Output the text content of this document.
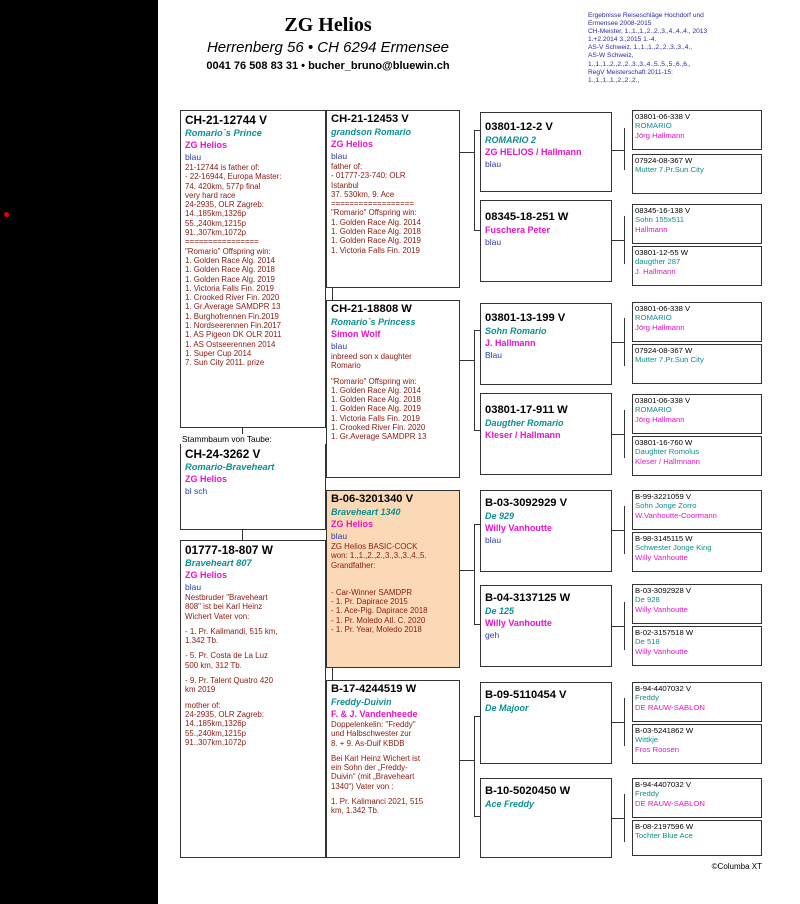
ZG Helios
Herrenberg 56 • CH 6294 Ermensee
0041 76 508 83 31 • bucher_bruno@bluewin.ch
Ergebnisse Reiseschläge Hochdorf und
Ermensee 2008-2015
CH-Meister, 1.,1.,1.,2.,2.,3.,4.,4.,4., 2013
1.+2.2014 3.,2015 1.-4.
AS-V Schweiz, 1.,1.,1.,2.,2.,3.,3.,4.,
AS-W Schweiz,
1.,1.,1.,2.,2.,2.,3.,3.,4.,5.,5.,5.,6.,6.,
RegV Meisterschaft 2011-15:
1.,1.,1.,1.,2.,2.,2.,
CH-21-12744 V
Romario`s Prince
ZG Helios
blau
21-12744 is father of:
- 22-16944, Europa Master:
74. 420km, 577p final
very hard race
24-2935, OLR Zagreb:
14.,185km,1326p
55.,240km,1215p
91.,307km,1072p
================
"Romario" Offspring win:
1. Golden Race Alg. 2014
1. Golden Race Alg. 2018
1. Golden Race Alg. 2019
1. Victoria Falls Fin. 2019
1. Crooked River Fin. 2020
1. Gr.Average SAMDPR 13
1. Burghofrennen Fin.2019
1. Nordseerennen Fin.2017
1. AS Pigeon DK OLR 2011
1. AS Ostseerennen 2014
1. Super Cup 2014
7. Sun City 2011. prize
CH-24-3262 V
Romario-Braveheart
ZG Helios
bl sch
Stammbaum von Taube:
01777-18-807 W
Braveheart 807
ZG Helios
blau
Nestbruder "Braveheart
808" ist bei Karl Heinz
Wichert Vater von:
- 1. Pr. Kalimandi, 515 km,
1.342 Tb.
- 5. Pr. Costa de La Luz
500 km, 312 Tb.
- 9. Pr. Talent Quatro 420
km 2019
mother of:
24-2935, OLR Zagreb:
14.,185km,1326p
55.,240km,1215p
91.,307km,1072p
CH-21-12453 V
grandson Romario
ZG Helios
blau
father of:
- 01777-23-740: OLR
Istanbul
37. 530km, 9. Ace
==================
"Romario" Offspring win:
1. Golden Race Alg. 2014
1. Golden Race Alg. 2018
1. Golden Race Alg. 2019
1. Victoria Falls Fin. 2019
CH-21-18808 W
Romario`s Princess
Simon Wolf
blau
inbreed son x daughter
Romario
"Romario" Offspring win:
1. Golden Race Alg. 2014
1. Golden Race Alg. 2018
1. Golden Race Alg. 2019
1. Victoria Falls Fin. 2019
1. Crooked River Fin. 2020
1. Gr.Average SAMDPR 13
B-06-3201340 V
Braveheart 1340
ZG Helios
blau
ZG Helios BASIC-COCK
won: 1.,1.,2.,2.,3.,3.,3.,4.,5.
Grandfather:
- Car-Winner SAMDPR
- 1. Pr. Dapirace 2015
- 1. Ace-Pig. Dapirace 2018
- 1. Pr. Moledo Atl. C. 2020
- 1. Pr. Year, Moledo 2018
B-17-4244519 W
Freddy-Duivin
F. & J. Vandenheede
Doppelenkelin: "Freddy"
und Halbschwester zur
8. + 9. As-Duif KBDB
Bei Karl Heinz Wichert ist
ein Sohn der „Freddy-
Duivin“ (mit „Braveheart
1340“) Vater von :
1. Pr. Kalimanci 2021, 515
km, 1.342 Tb.
03801-12-2 V
ROMARIO 2
ZG HELIOS / Hallmann
blau
08345-18-251 W
Fuschera Peter
blau
03801-13-199 V
Sohn Romario
J. Hallmann
Blau
03801-17-911 W
Daugther Romario
Kleser / Hallmann
B-03-3092929 V
De 929
Willy Vanhoutte
blau
B-04-3137125 W
De 125
Willy Vanhoutte
geh
B-09-5110454 V
De Majoor
B-10-5020450 W
Ace Freddy
03801-06-338 V
ROMARIO
Jörg Hallmann
07924-08-367 W
Mutter 7.Pr.Sun City
08345-16-138 V
Sohn 155x511
Hallmann
03801-12-55 W
daugther 287
J. Hallmann
03801-06-338 V
ROMARIO
Jörg Hallmann
07924-08-367 W
Mutter 7.Pr.Sun City
03801-06-338 V
ROMARIO
Jörg Hallmann
03801-16-760 W
Daughter Romolus
Kleser / Hallmnann
B-99-3221059 V
Sohn Jonge Zorro
W.Vanhoutte-Coormann
B-98-3145115 W
Schwester Jonge King
Willy Vanhoutte
B-03-3092928 V
De 928
Willy Vanhoutte
B-02-3157518 W
De 518
Willy Vanhoutte
B-94-4407032 V
Freddy
DE RAUW-SABLON
B-03-5241862 W
Wittkje
Fros Roosen
B-94-4407032 V
Freddy
DE RAUW-SABLON
B-08-2197596 W
Tochter Blue Ace
©Columba XT
